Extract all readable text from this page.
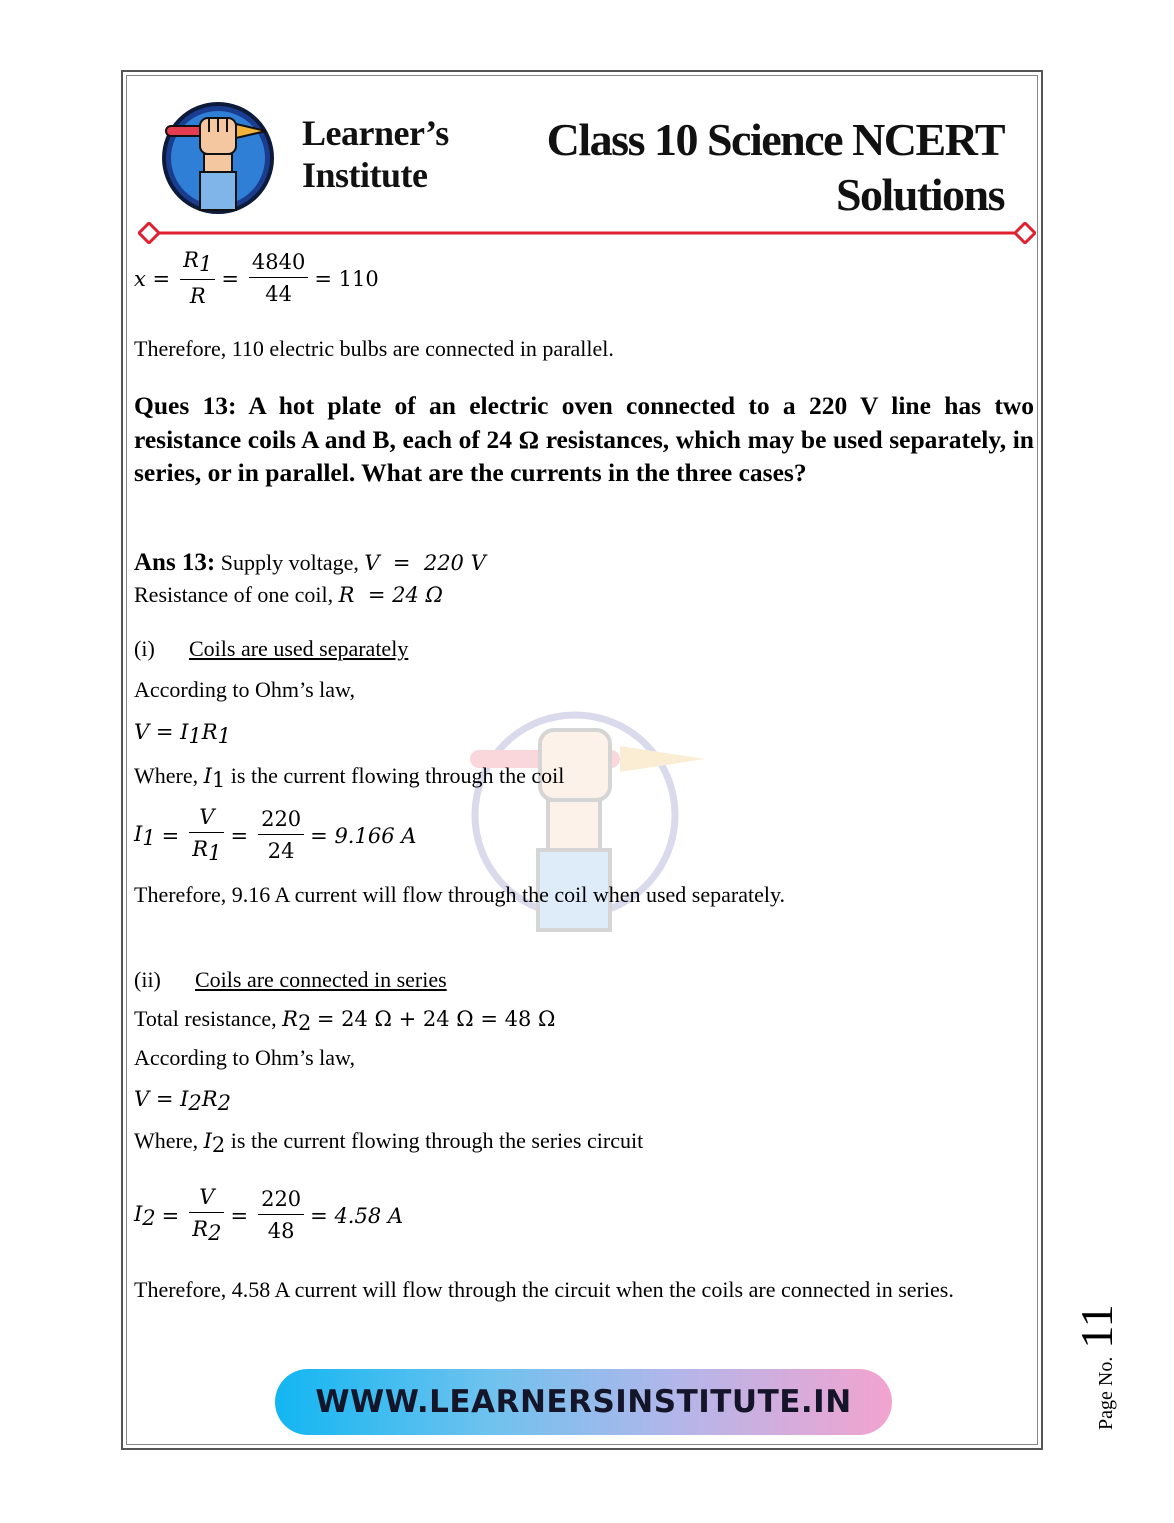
Learner’s
Institute
Class 10 Science NCERT
Solutions
$x = \frac{R_1}{R} = \frac{4840}{44} = 110$
Therefore, 110 electric bulbs are connected in parallel.
Ques 13: A hot plate of an electric oven connected to a 220 V line has two resistance coils A and B, each of 24 Ω resistances, which may be used separately, in series, or in parallel. What are the currents in the three cases?
Ans 13: Supply voltage, V  =  220 V
Resistance of one coil, R  = 24 Ω
(i) Coils are used separately
According to Ohm’s law,
$V = I_1R_1$
Where, $I_1$ is the current flowing through the coil
$I_1 = \frac{V}{R_1} = \frac{220}{24} = 9.166$ A
Therefore, 9.16 A current will flow through the coil when used separately.
(ii) Coils are connected in series
Total resistance, $R_2 = 24$ Ω + 24 Ω = 48 Ω
According to Ohm’s law,
$V = I_2R_2$
Where, $I_2$ is the current flowing through the series circuit
$I_2 = \frac{V}{R_2} = \frac{220}{48} = 4.58$ A
Therefore, 4.58 A current will flow through the circuit when the coils are connected in series.
WWW.LEARNERSINSTITUTE.IN	Page No.11
